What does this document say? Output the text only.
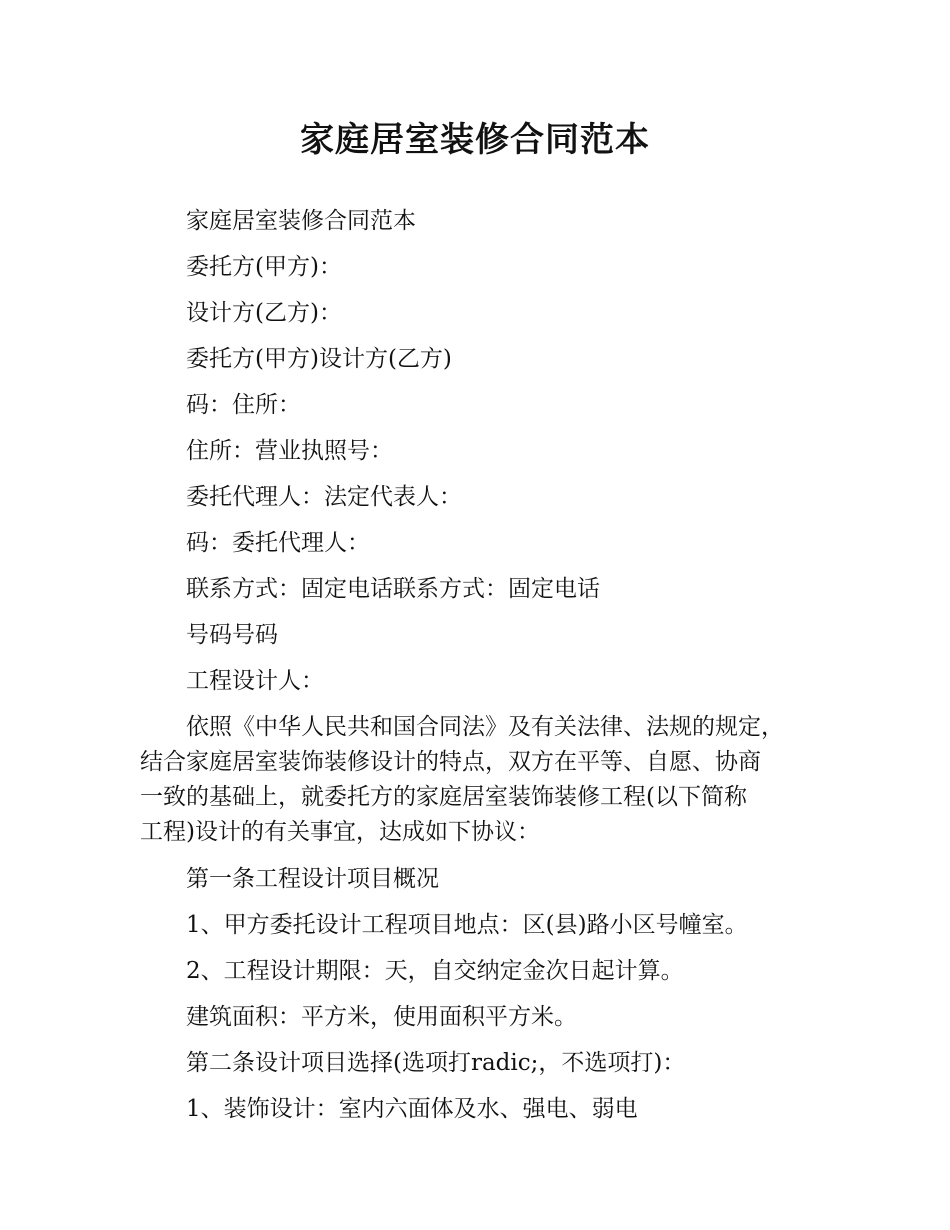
家庭居室装修合同范本

家庭居室装修合同范本

委托方(甲方)：

设计方(乙方)：

委托方(甲方)设计方(乙方)

码：住所：

住所：营业执照号：

委托代理人：法定代表人：

码：委托代理人：

联系方式：固定电话联系方式：固定电话

号码号码

工程设计人：

依照《中华人民共和国合同法》及有关法律、法规的规定，
结合家庭居室装饰装修设计的特点，双方在平等、自愿、协商
一致的基础上，就委托方的家庭居室装饰装修工程(以下简称
工程)设计的有关事宜，达成如下协议：

第一条工程设计项目概况

1、甲方委托设计工程项目地点：区(县)路小区号幢室。

2、工程设计期限：天，自交纳定金次日起计算。

建筑面积：平方米，使用面积平方米。

第二条设计项目选择(选项打radic;，不选项打)：

1、装饰设计：室内六面体及水、强电、弱电
